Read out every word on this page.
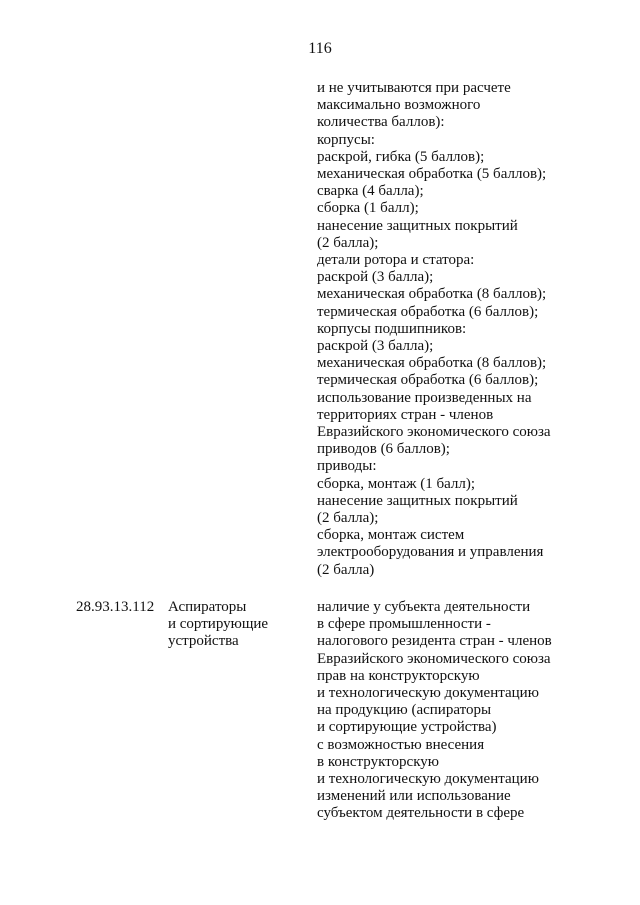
116
и не учитываются при расчете
максимально возможного
количества баллов):
корпусы:
раскрой, гибка (5 баллов);
механическая обработка (5 баллов);
сварка (4 балла);
сборка (1 балл);
нанесение защитных покрытий
(2 балла);
детали ротора и статора:
раскрой (3 балла);
механическая обработка (8 баллов);
термическая обработка (6 баллов);
корпусы подшипников:
раскрой (3 балла);
механическая обработка (8 баллов);
термическая обработка (6 баллов);
использование произведенных на
территориях стран - членов
Евразийского экономического союза
приводов (6 баллов);
приводы:
сборка, монтаж (1 балл);
нанесение защитных покрытий
(2 балла);
сборка, монтаж систем
электрооборудования и управления
(2 балла)
28.93.13.112 Аспираторы
и сортирующие
устройства
наличие у субъекта деятельности
в сфере промышленности -
налогового резидента стран - членов
Евразийского экономического союза
прав на конструкторскую
и технологическую документацию
на продукцию (аспираторы
и сортирующие устройства)
с возможностью внесения
в конструкторскую
и технологическую документацию
изменений или использование
субъектом деятельности в сфере
